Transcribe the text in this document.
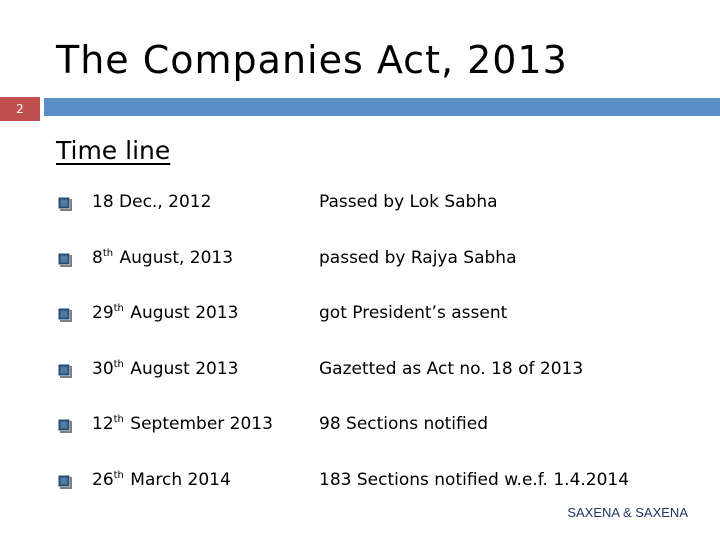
The Companies Act, 2013
2
Time line
18 Dec., 2012	Passed by Lok Sabha
8th August, 2013	passed by Rajya Sabha
29th August 2013	got President’s assent
30th August 2013	Gazetted as Act no. 18 of 2013
12th September 2013	98 Sections notified
26th March 2014	183 Sections notified w.e.f. 1.4.2014
SAXENA & SAXENA
